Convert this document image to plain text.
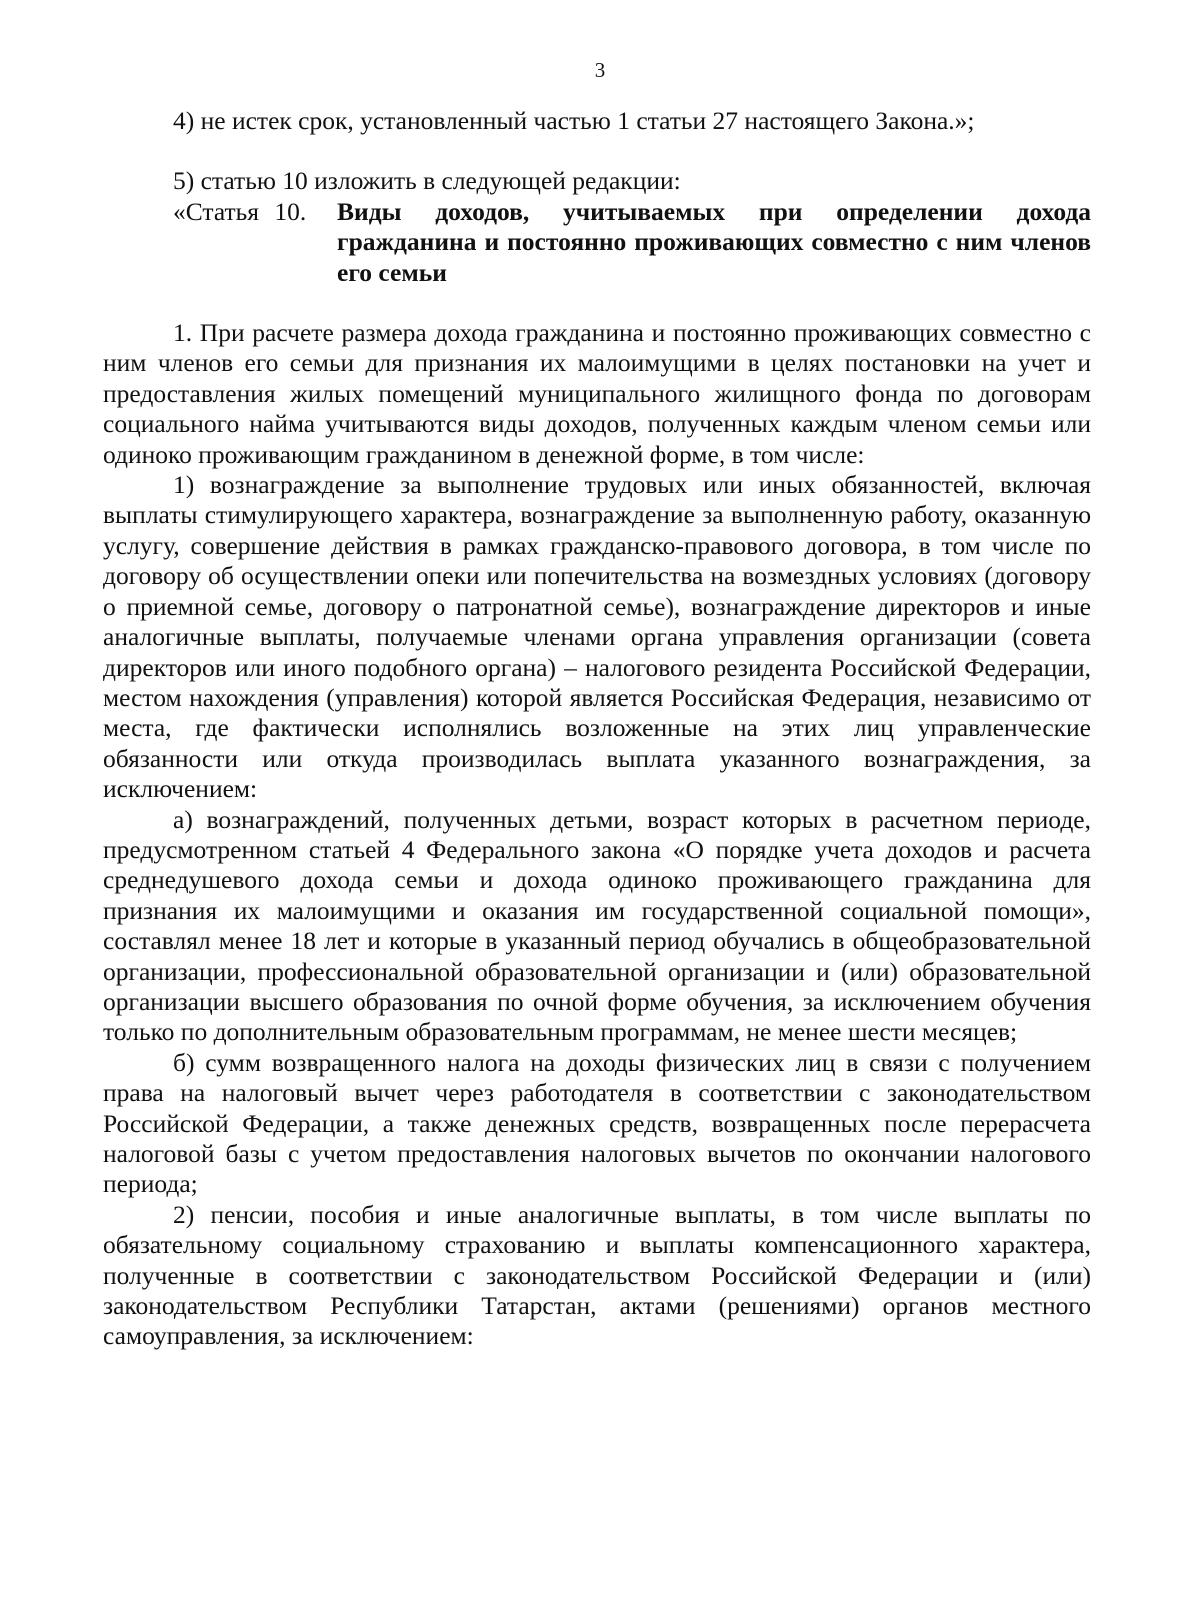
3

4) не истек срок, установленный частью 1 статьи 27 настоящего Закона.»;

5) статью 10 изложить в следующей редакции:

«Статья 10.	Виды доходов, учитываемых при определении дохода гражданина и постоянно проживающих совместно с ним членов его семьи

1. При расчете размера дохода гражданина и постоянно проживающих совместно с ним членов его семьи для признания их малоимущими в целях постановки на учет и предоставления жилых помещений муниципального жилищного фонда по договорам социального найма учитываются виды доходов, полученных каждым членом семьи или одиноко проживающим гражданином в денежной форме, в том числе:

1) вознаграждение за выполнение трудовых или иных обязанностей, включая выплаты стимулирующего характера, вознаграждение за выполненную работу, оказанную услугу, совершение действия в рамках гражданско-правового договора, в том числе по договору об осуществлении опеки или попечительства на возмездных условиях (договору о приемной семье, договору о патронатной семье), вознаграждение директоров и иные аналогичные выплаты, получаемые членами органа управления организации (совета директоров или иного подобного органа) – налогового резидента Российской Федерации, местом нахождения (управления) которой является Российская Федерация, независимо от места, где фактически исполнялись возложенные на этих лиц управленческие обязанности или откуда производилась выплата указанного вознаграждения, за исключением:

а) вознаграждений, полученных детьми, возраст которых в расчетном периоде, предусмотренном статьей 4 Федерального закона «О порядке учета доходов и расчета среднедушевого дохода семьи и дохода одиноко проживающего гражданина для признания их малоимущими и оказания им государственной социальной помощи», составлял менее 18 лет и которые в указанный период обучались в общеобразовательной организации, профессиональной образовательной организации и (или) образовательной организации высшего образования по очной форме обучения, за исключением обучения только по дополнительным образовательным программам, не менее шести месяцев;

б) сумм возвращенного налога на доходы физических лиц в связи с получением права на налоговый вычет через работодателя в соответствии с законодательством Российской Федерации, а также денежных средств, возвращенных после перерасчета налоговой базы с учетом предоставления налоговых вычетов по окончании налогового периода;

2) пенсии, пособия и иные аналогичные выплаты, в том числе выплаты по обязательному социальному страхованию и выплаты компенсационного характера, полученные в соответствии с законодательством Российской Федерации и (или) законодательством Республики Татарстан, актами (решениями) органов местного самоуправления, за исключением:
